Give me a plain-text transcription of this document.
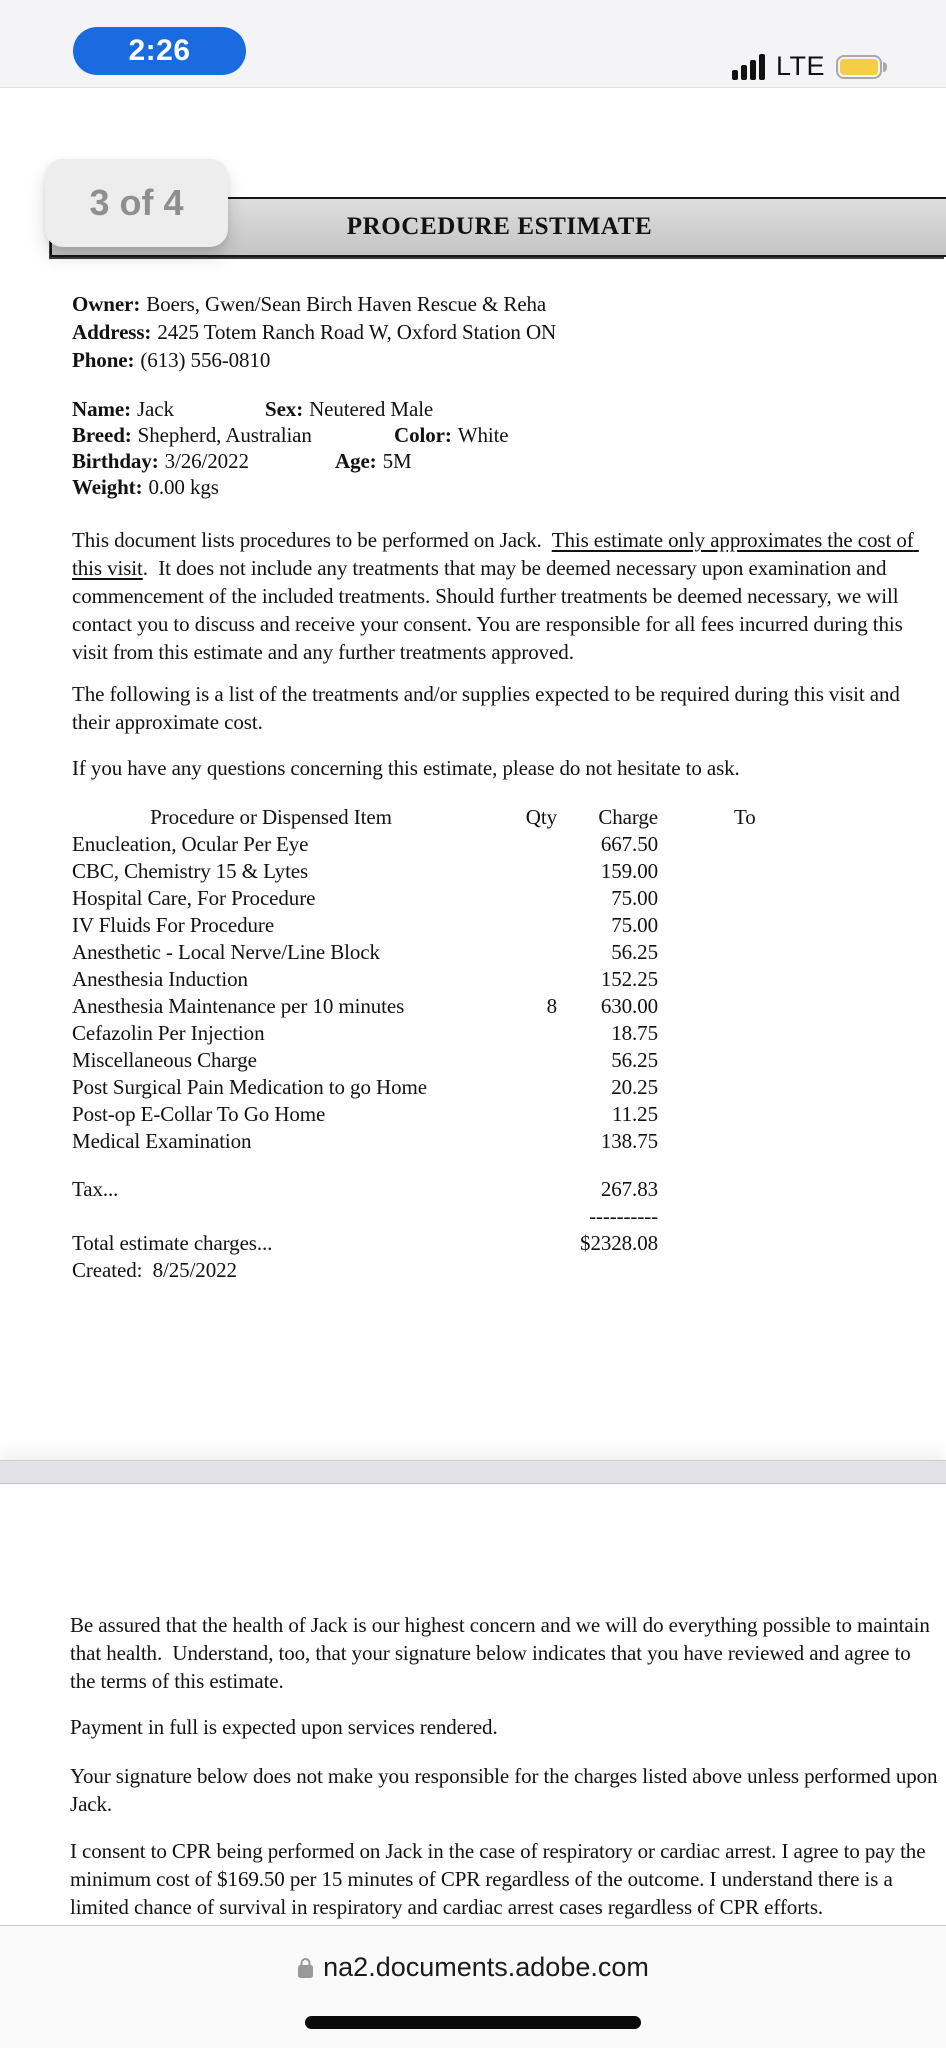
2:26	LTE
PROCEDURE ESTIMATE
3 of 4
Owner: Boers, Gwen/Sean Birch Haven Rescue & Reha
Address: 2425 Totem Ranch Road W, Oxford Station ON
Phone: (613) 556-0810
Name: Jack	Sex: Neutered Male
Breed: Shepherd, Australian	Color: White
Birthday: 3/26/2022	Age: 5M
Weight: 0.00 kgs

This document lists procedures to be performed on Jack.  This estimate only approximates the cost of this visit.  It does not include any treatments that may be deemed necessary upon examination and commencement of the included treatments. Should further treatments be deemed necessary, we will contact you to discuss and receive your consent. You are responsible for all fees incurred during this visit from this estimate and any further treatments approved.

The following is a list of the treatments and/or supplies expected to be required during this visit and their approximate cost.

If you have any questions concerning this estimate, please do not hesitate to ask.

Procedure or Dispensed Item	Qty	Charge	To
Enucleation, Ocular Per Eye	667.50
CBC, Chemistry 15 & Lytes	159.00
Hospital Care, For Procedure	75.00
IV Fluids For Procedure	75.00
Anesthetic - Local Nerve/Line Block	56.25
Anesthesia Induction	152.25
Anesthesia Maintenance per 10 minutes	8	630.00
Cefazolin Per Injection	18.75
Miscellaneous Charge	56.25
Post Surgical Pain Medication to go Home	20.25
Post-op E-Collar To Go Home	11.25
Medical Examination	138.75
Tax...	267.83
----------
Total estimate charges...	$2328.08
Created:  8/25/2022

Be assured that the health of Jack is our highest concern and we will do everything possible to maintain that health.  Understand, too, that your signature below indicates that you have reviewed and agree to the terms of this estimate.

Payment in full is expected upon services rendered.

Your signature below does not make you responsible for the charges listed above unless performed upon Jack.

I consent to CPR being performed on Jack in the case of respiratory or cardiac arrest. I agree to pay the minimum cost of $169.50 per 15 minutes of CPR regardless of the outcome. I understand there is a limited chance of survival in respiratory and cardiac arrest cases regardless of CPR efforts.

na2.documents.adobe.com
